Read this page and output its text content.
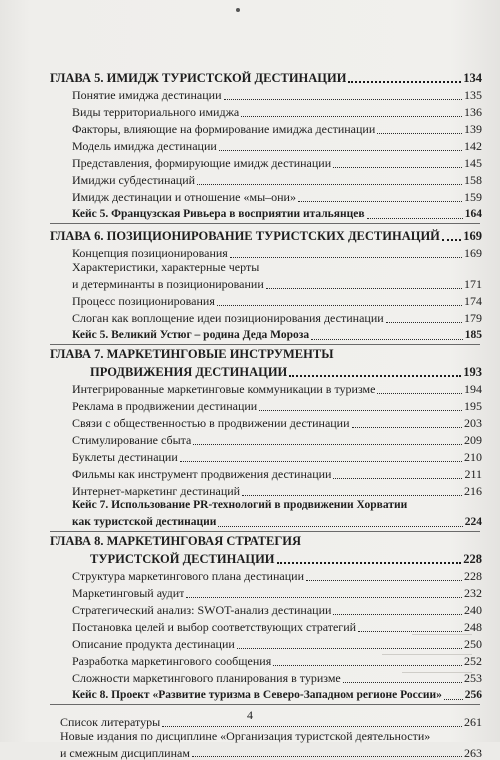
ГЛАВА 5. ИМИДЖ ТУРИСТСКОЙ ДЕСТИНАЦИИ	134
Понятие имиджа дестинации	135
Виды территориального имиджа	136
Факторы, влияющие на формирование имиджа дестинации	139
Модель имиджа дестинации	142
Представления, формирующие имидж дестинации	145
Имиджи субдестинаций	158
Имидж дестинации и отношение «мы–они»	159
Кейс 5. Французская Ривьера в восприятии итальянцев	164
ГЛАВА 6. ПОЗИЦИОНИРОВАНИЕ ТУРИСТСКИХ ДЕСТИНАЦИЙ 169
Концепция позиционирования	169
Характеристики, характерные черты
и детерминанты в позиционировании	171
Процесс позиционирования	174
Слоган как воплощение идеи позиционирования дестинации	179
Кейс 5. Великий Устюг – родина Деда Мороза	185
ГЛАВА 7. МАРКЕТИНГОВЫЕ ИНСТРУМЕНТЫ
ПРОДВИЖЕНИЯ ДЕСТИНАЦИИ	193
Интегрированные маркетинговые коммуникации в туризме	194
Реклама в продвижении дестинации	195
Связи с общественностью в продвижении дестинации	203
Стимулирование сбыта	209
Буклеты дестинации	210
Фильмы как инструмент продвижения дестинации	211
Интернет-маркетинг дестинаций	216
Кейс 7. Использование PR-технологий в продвижении Хорватии
как туристской дестинации	224
ГЛАВА 8. МАРКЕТИНГОВАЯ СТРАТЕГИЯ
ТУРИСТСКОЙ ДЕСТИНАЦИИ	228
Структура маркетингового плана дестинации	228
Маркетинговый аудит	232
Стратегический анализ: SWOT-анализ дестинации	240
Постановка целей и выбор соответствующих стратегий	248
Описание продукта дестинации	250
Разработка маркетингового сообщения	252
Сложности маркетингового планирования в туризме	253
Кейс 8. Проект «Развитие туризма в Северо-Западном регионе России» 256
Список литературы	261
Новые издания по дисциплине «Организация туристской деятельности»
и смежным дисциплинам	263
4
